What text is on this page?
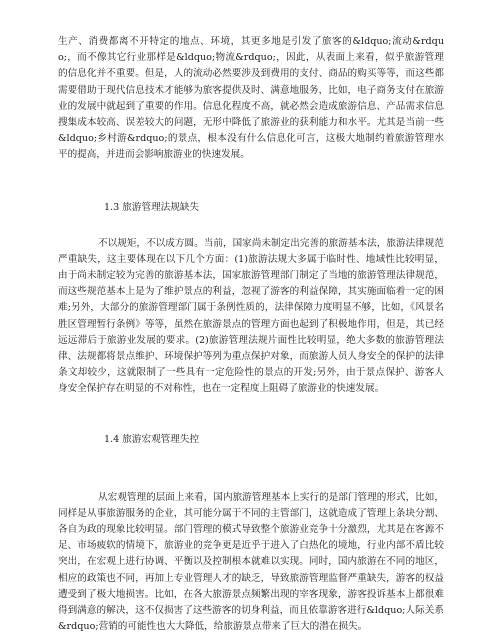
生产、消费都离不开特定的地点、环境，其更多地是引发了旅客的&ldquo;流动&rdquo;，而不像其它行业那样是&ldquo;物流&rdquo;，因此，从表面上来看，似乎旅游管理的信息化并不重要。但是，人的流动必然要涉及到费用的支付、商品的购买等等，而这些都需要借助于现代信息技术才能够为旅客提供及时、满意地服务，比如，电子商务支付在旅游业的发展中就起到了重要的作用。信息化程度不高，就必然会造成旅游信息、产品需求信息搜集成本较高、误差较大的问题，无形中降低了旅游业的获利能力和水平。尤其是当前一些&ldquo;乡村游&rdquo;的景点，根本没有什么信息化可言，这极大地制约着旅游管理水平的提高，并进而会影响旅游业的快速发展。

1.3 旅游管理法规缺失

不以规矩，不以成方圆。当前，国家尚未制定出完善的旅游基本法，旅游法律规范严重缺失，这主要体现在以下几个方面：(1)旅游法规大多属于临时性、地域性比较明显，由于尚未制定较为完善的旅游基本法，国家旅游管理部门制定了当地的旅游管理法律规范，而这些规范基本上是为了维护景点的利益，忽视了游客的利益保障，其实施面临着一定的困难;另外，大部分的旅游管理部门属于条例性质的，法律保障力度明显不够，比如，《风景名胜区管理暂行条例》等等，虽然在旅游景点的管理方面也起到了积极地作用，但是，其已经远远滞后于旅游业发展的要求。(2)旅游管理法规片面性比较明显，绝大多数的旅游管理法律、法规都将景点维护、环境保护等列为重点保护对象，而旅游人员人身安全的保护的法律条文却较少，这就限制了一些具有一定危险性的景点的开发;另外，由于景点保护、游客人身安全保护存在明显的不对称性，也在一定程度上阻碍了旅游业的快速发展。

1.4 旅游宏观管理失控

从宏观管理的层面上来看，国内旅游管理基本上实行的是部门管理的形式，比如，同样是从事旅游服务的企业，其可能分属于不同的主管部门，这就造成了管理上条块分割、各自为政的现象比较明显。部门管理的模式导致整个旅游业竞争十分激烈，尤其是在客源不足、市场疲软的情境下，旅游业的竞争更是近乎于进入了白热化的境地，行业内部不盾比较突出，在宏观上进行协调、平衡以及控制根本就难以实现。同时，国内旅游在不同的地区，相应的政策也不同，再加上专业管理人才的缺乏，导致旅游管理监督严重缺失，游客的权益遭受到了极大地损害。比如，在各大旅游景点频繁出现的宰客现象，游客投诉基本上都很难得到满意的解决，这不仅损害了这些游客的切身利益，而且依靠游客进行&ldquo;人际关系&rdquo;营销的可能性也大大降低，给旅游景点带来了巨大的潜在损失。
